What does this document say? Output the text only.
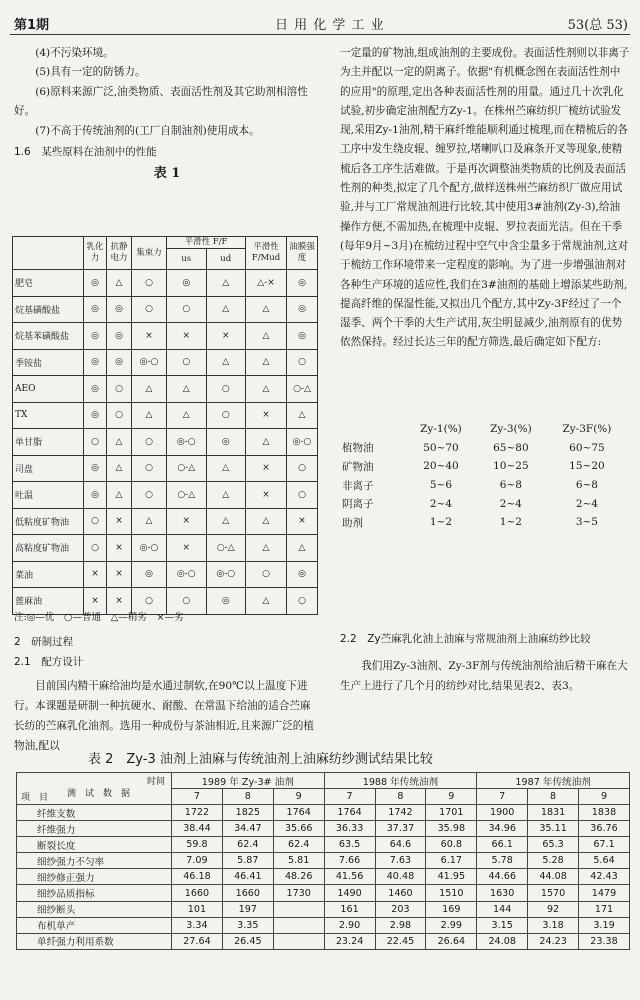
第1期	日 用 化 学 工 业	53(总 53)

(4)不污染环境。

(5)具有一定的防锈力。

(6)原料来源广泛,油类物质、表面活性剂及其它助剂相溶性好。

(7)不高于传统油剂的(工厂自制油剂)使用成本。

1.6　某些原料在油剂中的性能

表 1

	乳化力	抗静电力	集束力	平滑性 F/F		平滑性 F/Mud	油膜强度
				us	ud		
肥皂	◎	△	○	◎	△	△-×	◎
烷基磺酸盐	◎	◎	○	○	△	△	◎
烷基苯磺酸盐	◎	◎	×	×	×	△	◎
季铵盐	◎	◎	◎-○	○	△	△	○
AEO	◎	○	△	△	○	△	○-△
TX	◎	○	△	△	○	×	△
单甘脂	○	△	○	◎-○	◎	△	◎-○
司盘	◎	△	○	○-△	△	×	○
吐温	◎	△	○	○-△	△	×	○
低粘度矿物油	○	×	△	×	△	△	×
高粘度矿物油	○	×	◎-○	×	○-△	△	△
菜油	×	×	◎	◎-○	◎-○	○	◎
蓖麻油	×	×	○	○	◎	△	○

注:◎—优　○—普通　△—稍劣　×—劣

2　研制过程

2.1　配方设计

目前国内精干麻给油均是水通过制软,在90℃以上温度下进行。本课题是研制一种抗硬水、耐酸、在常温下给油的适合苎麻长纺的苎麻乳化油剂。选用一种成份与茶油相近,且来源广泛的植物油,配以

一定量的矿物油,组成油剂的主要成份。表面活性剂则以非离子为主并配以一定的阴离子。依据"有机概念图在表面活性剂中的应用"的原理,定出各种表面活性剂的用量。通过几十次乳化试验,初步确定油剂配方Zy-1。在株州苎麻纺织厂梳纺试验发现,采用Zy-1油剂,精干麻纤维能顺利通过梳理,而在精梳后的各工序中发生绕皮辊、缠罗拉,堵喇叭口及麻条开叉等现象,使精梳后各工序生活难做。于是再次调整油类物质的比例及表面活性剂的种类,拟定了几个配方,做样送株州苎麻纺织厂做应用试验,并与工厂常规油剂进行比较,其中使用3#油剂(Zy-3),给油操作方便,不需加热,在梳理中皮辊、罗拉表面光洁。但在干季(每年9月~3月)在梳纺过程中空气中含尘量多于常规油剂,这对于梳纺工作环境带来一定程度的影响。为了进一步增强油剂对各种生产环境的适应性,我们在3#油剂的基础上增添某些助剂,提高纤维的保湿性能,又拟出几个配方,其中Zy-3F经过了一个湿季、两个干季的大生产试用,灰尘明显减少,油剂原有的优势依然保持。经过长达三年的配方筛选,最后确定如下配方:

	Zy-1(%)	Zy-3(%)	Zy-3F(%)
植物油	50~70	65~80	60~75
矿物油	20~40	10~25	15~20
非离子	5~6	6~8	6~8
阴离子	2~4	2~4	2~4
助剂	1~2	1~2	3~5

2.2　Zy苎麻乳化油上油麻与常规油剂上油麻纺纱比较

我们用Zy-3油剂、Zy-3F剂与传统油剂给油后精干麻在大生产上进行了几个月的纺纱对比,结果见表2、表3。

表 2　Zy-3 油剂上油麻与传统油剂上油麻纺纱测试结果比较
时间
测　试　数　据
项　目	1989 年 Zy-3# 油剂			1988 年传统油剂			1987 年传统油剂		
	7	8	9	7	8	9	7	8	9
纤维支数	1722	1825	1764	1764	1742	1701	1900	1831	1838
纤维强力	38.44	34.47	35.66	36.33	37.37	35.98	34.96	35.11	36.76
断裂长度	59.8	62.4	62.4	63.5	64.6	60.8	66.1	65.3	67.1
细纱强力不匀率	7.09	5.87	5.81	7.66	7.63	6.17	5.78	5.28	5.64
细纱修正强力	46.18	46.41	48.26	41.56	40.48	41.95	44.66	44.08	42.43
细纱品质指标	1660	1660	1730	1490	1460	1510	1630	1570	1479
细纱断头	101	197		161	203	169	144	92	171
布机单产	3.34	3.35		2.90	2.98	2.99	3.15	3.18	3.19
单纤强力利用系数	27.64	26.45		23.24	22.45	26.64	24.08	24.23	23.38
